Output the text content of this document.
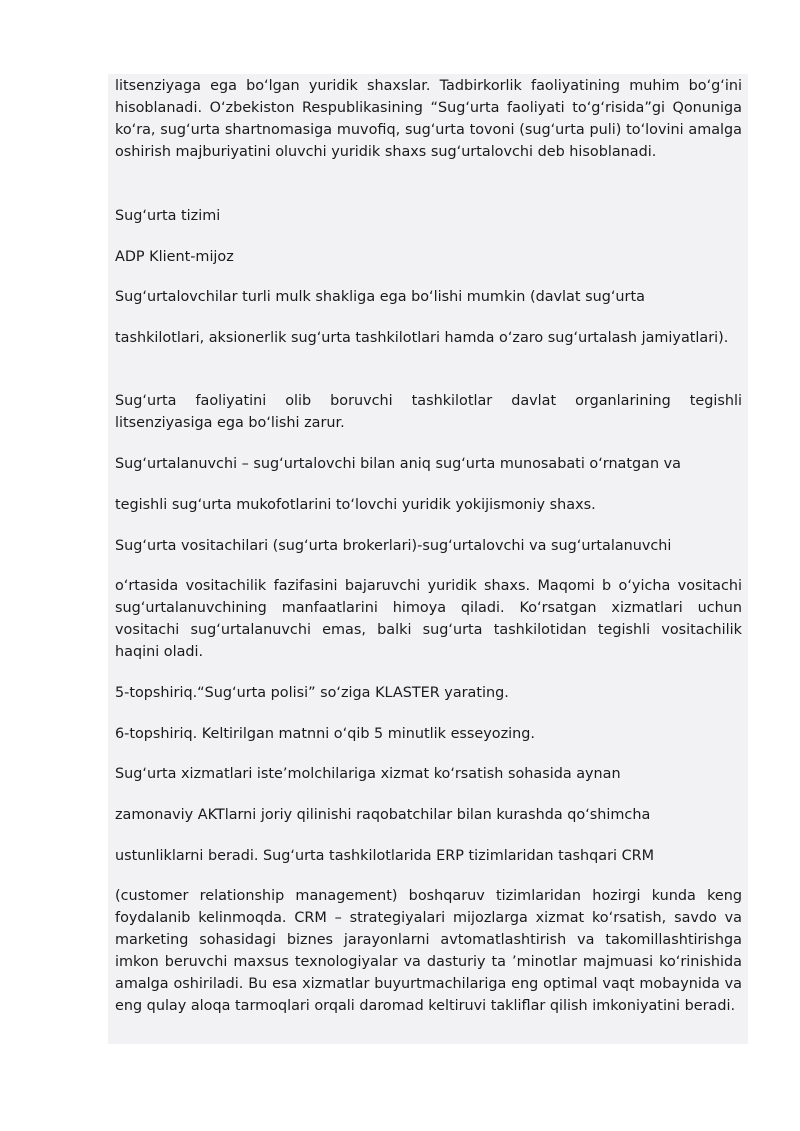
litsenziyaga ega bo‘lgan yuridik shaxslar. Tadbirkorlik faoliyatining muhim bo‘g‘ini hisoblanadi. O‘zbekiston Respublikasining “Sug‘urta faoliyati to‘g‘risida”gi Qonuniga ko‘ra, sug‘urta shartnomasiga muvofiq, sug‘urta tovoni (sug‘urta puli) to‘lovini amalga oshirish majburiyatini oluvchi yuridik shaxs sug‘urtalovchi deb hisoblanadi.

Sug‘urta tizimi

ADP Klient-mijoz

Sug‘urtalovchilar turli mulk shakliga ega bo‘lishi mumkin (davlat sug‘urta

tashkilotlari, aksionerlik sug‘urta tashkilotlari hamda o‘zaro sug‘urtalash jamiyatlari).

Sug‘urta faoliyatini olib boruvchi tashkilotlar davlat organlarining tegishli litsenziyasiga ega bo‘lishi zarur.

Sug‘urtalanuvchi – sug‘urtalovchi bilan aniq sug‘urta munosabati o‘rnatgan va

tegishli sug‘urta mukofotlarini to‘lovchi yuridik yokijismoniy shaxs.

Sug‘urta vositachilari (sug‘urta brokerlari)-sug‘urtalovchi va sug‘urtalanuvchi

o‘rtasida vositachilik fazifasini bajaruvchi yuridik shaxs. Maqomi b o‘yicha vositachi sug‘urtalanuvchining manfaatlarini himoya qiladi. Ko‘rsatgan xizmatlari uchun vositachi sug‘urtalanuvchi emas, balki sug‘urta tashkilotidan tegishli vositachilik haqini oladi.

5-topshiriq.“Sug‘urta polisi” so‘ziga KLASTER yarating.

6-topshiriq. Keltirilgan matnni o‘qib 5 minutlik esseyozing.

Sug‘urta xizmatlari iste’molchilariga xizmat ko‘rsatish sohasida aynan

zamonaviy AKTlarni joriy qilinishi raqobatchilar bilan kurashda qo‘shimcha

ustunliklarni beradi. Sug‘urta tashkilotlarida ERP tizimlaridan tashqari CRM

(customer relationship management) boshqaruv tizimlaridan hozirgi kunda keng foydalanib kelinmoqda. CRM – strategiyalari mijozlarga xizmat ko‘rsatish, savdo va marketing sohasidagi biznes jarayonlarni avtomatlashtirish va takomillashtirishga imkon beruvchi maxsus texnologiyalar va dasturiy ta ’minotlar majmuasi ko‘rinishida amalga oshiriladi. Bu esa xizmatlar buyurtmachilariga eng optimal vaqt mobaynida va eng qulay aloqa tarmoqlari orqali daromad keltiruvi takliflar qilish imkoniyatini beradi.
